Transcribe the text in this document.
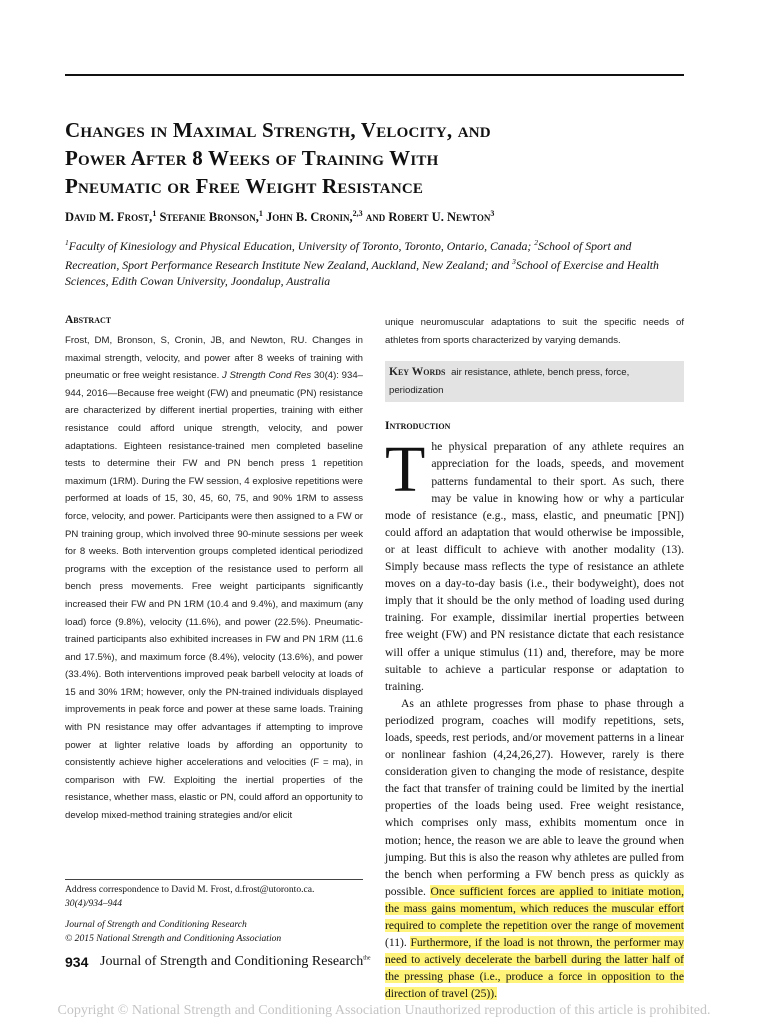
Changes in Maximal Strength, Velocity, and
Power After 8 Weeks of Training With
Pneumatic or Free Weight Resistance
David M. Frost,$^1$ Stefanie Bronson,$^1$ John B. Cronin,$^{2,3}$ and Robert U. Newton$^3$
$^1$Faculty of Kinesiology and Physical Education, University of Toronto, Toronto, Ontario, Canada; $^2$School of Sport and Recreation, Sport Performance Research Institute New Zealand, Auckland, New Zealand; and $^3$School of Exercise and Health Sciences, Edith Cowan University, Joondalup, Australia
Abstract

Frost, DM, Bronson, S, Cronin, JB, and Newton, RU. Changes in maximal strength, velocity, and power after 8 weeks of training with pneumatic or free weight resistance. J Strength Cond Res 30(4): 934–944, 2016—Because free weight (FW) and pneumatic (PN) resistance are characterized by different inertial properties, training with either resistance could afford unique strength, velocity, and power adaptations. Eighteen resistance-trained men completed baseline tests to determine their FW and PN bench press 1 repetition maximum (1RM). During the FW session, 4 explosive repetitions were performed at loads of 15, 30, 45, 60, 75, and 90% 1RM to assess force, velocity, and power. Participants were then assigned to a FW or PN training group, which involved three 90-minute sessions per week for 8 weeks. Both intervention groups completed identical periodized programs with the exception of the resistance used to perform all bench press movements. Free weight participants significantly increased their FW and PN 1RM (10.4 and 9.4%), and maximum (any load) force (9.8%), velocity (11.6%), and power (22.5%). Pneumatic-trained participants also exhibited increases in FW and PN 1RM (11.6 and 17.5%), and maximum force (8.4%), velocity (13.6%), and power (33.4%). Both interventions improved peak barbell velocity at loads of 15 and 30% 1RM; however, only the PN-trained individuals displayed improvements in peak force and power at these same loads. Training with PN resistance may offer advantages if attempting to improve power at lighter relative loads by affording an opportunity to consistently achieve higher accelerations and velocities (F = ma), in comparison with FW. Exploiting the inertial properties of the resistance, whether mass, elastic or PN, could afford an opportunity to develop mixed-method training strategies and/or elicit

Address correspondence to David M. Frost, d.frost@utoronto.ca.
30(4)/934–944
Journal of Strength and Conditioning Research
© 2015 National Strength and Conditioning Association
934 Journal of Strength and Conditioning Research$^{the}$

unique neuromuscular adaptations to suit the specific needs of athletes from sports characterized by varying demands.

Key Words air resistance, athlete, bench press, force, periodization
Introduction

The physical preparation of any athlete requires an appreciation for the loads, speeds, and movement patterns fundamental to their sport. As such, there may be value in knowing how or why a particular mode of resistance (e.g., mass, elastic, and pneumatic [PN]) could afford an adaptation that would otherwise be impossible, or at least difficult to achieve with another modality (13). Simply because mass reflects the type of resistance an athlete moves on a day-to-day basis (i.e., their bodyweight), does not imply that it should be the only method of loading used during training. For example, dissimilar inertial properties between free weight (FW) and PN resistance dictate that each resistance will offer a unique stimulus (11) and, therefore, may be more suitable to achieve a particular response or adaptation to training.

As an athlete progresses from phase to phase through a periodized program, coaches will modify repetitions, sets, loads, speeds, rest periods, and/or movement patterns in a linear or nonlinear fashion (4,24,26,27). However, rarely is there consideration given to changing the mode of resistance, despite the fact that transfer of training could be limited by the inertial properties of the loads being used. Free weight resistance, which comprises only mass, exhibits momentum once in motion; hence, the reason we are able to leave the ground when jumping. But this is also the reason why athletes are pulled from the bench when performing a FW bench press as quickly as possible. Once sufficient forces are applied to initiate motion, the mass gains momentum, which reduces the muscular effort required to complete the repetition over the range of movement (11). Furthermore, if the load is not thrown, the performer may need to actively decelerate the barbell during the latter half of the pressing phase (i.e., produce a force in opposition to the direction of travel (25)).

Copyright © National Strength and Conditioning Association Unauthorized reproduction of this article is prohibited.
